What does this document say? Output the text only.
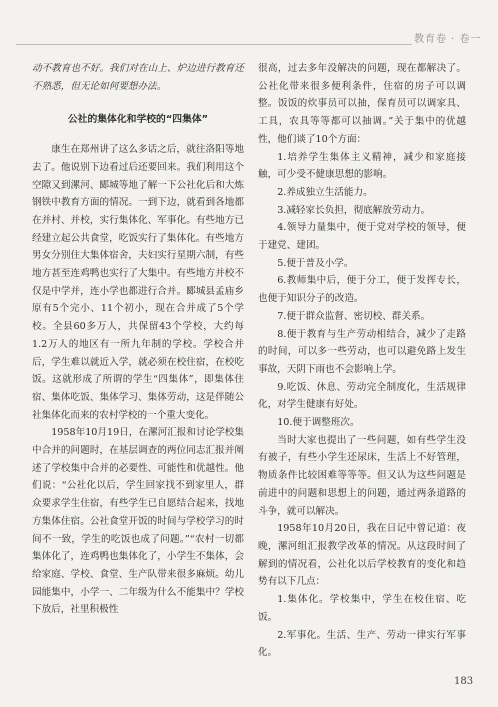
教育卷 · 卷一

动不教育也不好。我们对在山上、炉边进行教育还不熟悉，但无论如何要想办法。

公社的集体化和学校的“四集体”

康生在郑州讲了这么多话之后，就往洛阳等地去了。他说别下边看过后还要回来。我们利用这个空隙又到漯河、郾城等地了解一下公社化后和大炼钢铁中教育方面的情况。一到下边，就看到各地都在并村、并校，实行集体化、军事化。有些地方已经建立起公共食堂，吃饭实行了集体化。有些地方男女分别住大集体宿舍，夫妇实行星期六制，有些地方甚至连鸡鸭也实行了大集中。有些地方并校不仅是中学并，连小学也都进行合并。郾城县孟庙乡原有5个完小、11个初小，现在合并成了5个学校。全县60多万人，共保留43个学校，大约每1.2万人的地区有一所九年制的学校。学校合并后，学生难以就近入学，就必须在校住宿，在校吃饭。这就形成了所谓的学生“四集体”，即集体住宿、集体吃饭、集体学习、集体劳动，这是伴随公社集体化而来的农村学校的一个重大变化。

1958年10月19日，在漯河汇报和讨论学校集中合并的问题时，在基层调查的两位同志汇报并阐述了学校集中合并的必要性、可能性和优越性。他们说：“公社化以后，学生回家找不到家里人，群众要求学生住宿，有些学生已自愿结合起来，找地方集体住宿。公社食堂开饭的时间与学校学习的时间不一致，学生的吃饭也成了问题。”“农村一切都集体化了，连鸡鸭也集体化了，小学生不集体，会给家庭、学校、食堂、生产队带来很多麻烦。幼儿园能集中，小学一、二年级为什么不能集中？学校下放后，社里积极性

很高，过去多年没解决的问题，现在都解决了。公社化带来很多便利条件，住宿的房子可以调整。饭饭的炊事员可以抽，保育员可以调家具、工具，农具等等都可以抽调。”关于集中的优越性，他们谈了10个方面：

1.培养学生集体主义精神，减少和家庭接触，可少受不健康思想的影响。

2.养成独立生活能力。

3.减轻家长负担，彻底解放劳动力。

4.领导力量集中，便于党对学校的领导，便于建党、建团。

5.便于普及小学。

6.教师集中后，便于分工，便于发挥专长，也便于知识分子的改造。

7.便于群众监督、密切校、群关系。

8.便于教育与生产劳动相结合，减少了走路的时间，可以多一些劳动，也可以避免路上发生事故，天阴下雨也不会影响上学。

9.吃饭、休息、劳动完全制度化，生活规律化，对学生健康有好处。

10.便于调整班次。

当时大家也提出了一些问题，如有些学生没有被子，有些小学生还尿床，生活上不好管理，物质条件比较困难等等等。但又认为这些问题是前进中的问题和思想上的问题，通过两条道路的斗争，就可以解决。

1958年10月20日，我在日记中曾记道：夜晚，漯河组汇报教学改革的情况。从这段时间了解到的情况看，公社化以后学校教育的变化和趋势有以下几点：

1.集体化。学校集中，学生在校住宿、吃饭。

2.军事化。生活、生产、劳动一律实行军事化。

183
